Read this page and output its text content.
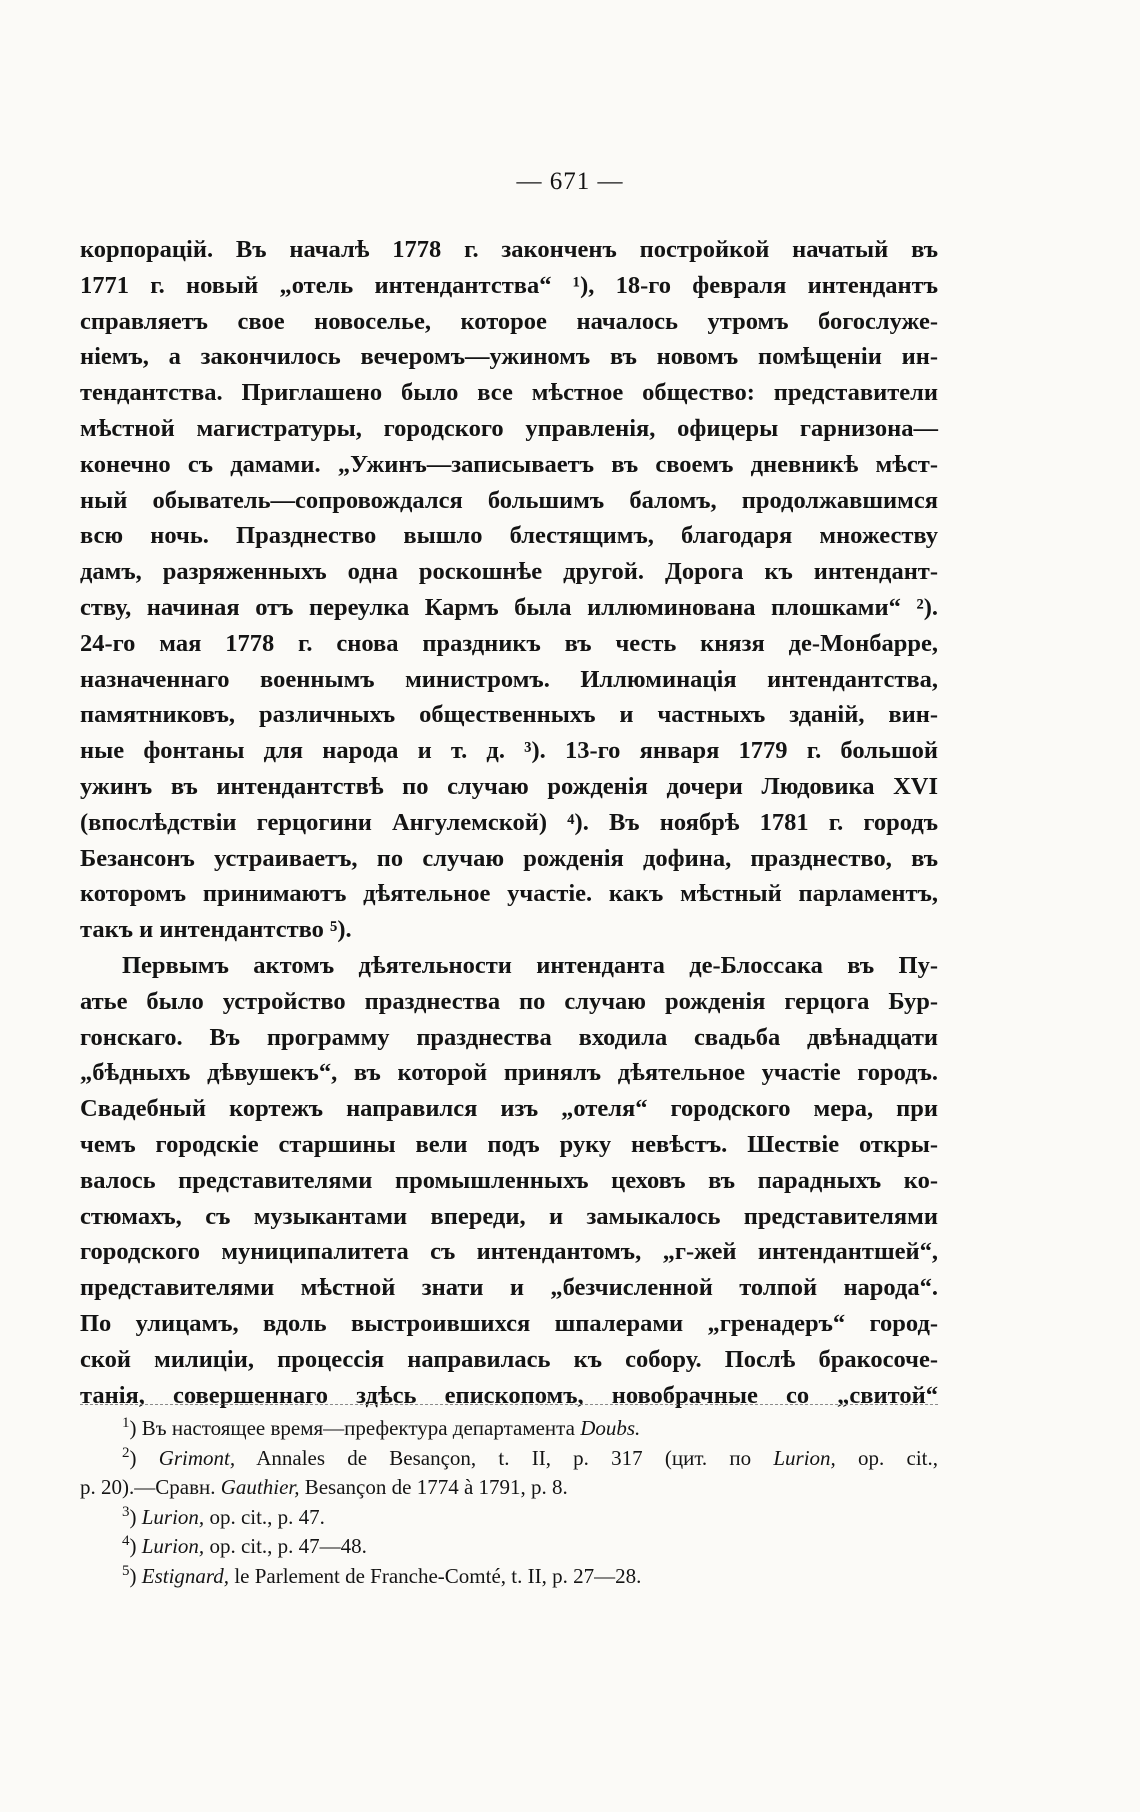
— 671 —
корпорацій. Въ началѣ 1778 г. законченъ постройкой начатый въ
1771 г. новый „отель интендантства“ ¹), 18-го февраля интендантъ
справляетъ свое новоселье, которое началось утромъ богослуже-
ніемъ, а закончилось вечеромъ—ужиномъ въ новомъ помѣщеніи ин-
тендантства. Приглашено было все мѣстное общество: представители
мѣстной магистратуры, городского управленія, офицеры гарнизона—
конечно съ дамами. „Ужинъ—записываетъ въ своемъ дневникѣ мѣст-
ный обыватель—сопровождался большимъ баломъ, продолжавшимся
всю ночь. Празднество вышло блестящимъ, благодаря множеству
дамъ, разряженныхъ одна роскошнѣе другой. Дорога къ интендант-
ству, начиная отъ переулка Кармъ была иллюминована плошками“ ²).
24-го мая 1778 г. снова праздникъ въ честь князя де-Монбарре,
назначеннаго военнымъ министромъ. Иллюминація интендантства,
памятниковъ, различныхъ общественныхъ и частныхъ зданій, вин-
ные фонтаны для народа и т. д. ³). 13-го января 1779 г. большой
ужинъ въ интендантствѣ по случаю рожденія дочери Людовика XVI
(впослѣдствіи герцогини Ангулемской) ⁴). Въ ноябрѣ 1781 г. городъ
Безансонъ устраиваетъ, по случаю рожденія дофина, празднество, въ
которомъ принимаютъ дѣятельное участіе. какъ мѣстный парламентъ,
такъ и интендантство ⁵).
Первымъ актомъ дѣятельности интенданта де-Блоссака въ Пу-
атье было устройство празднества по случаю рожденія герцога Бур-
гонскаго. Въ программу празднества входила свадьба двѣнадцати
„бѣдныхъ дѣвушекъ“, въ которой принялъ дѣятельное участіе городъ.
Свадебный кортежъ направился изъ „отеля“ городского мера, при
чемъ городскіе старшины вели подъ руку невѣстъ. Шествіе откры-
валось представителями промышленныхъ цеховъ въ парадныхъ ко-
стюмахъ, съ музыкантами впереди, и замыкалось представителями
городского муниципалитета съ интендантомъ, „г-жей интендантшей“,
представителями мѣстной знати и „безчисленной толпой народа“.
По улицамъ, вдоль выстроившихся шпалерами „гренадеръ“ город-
ской милиціи, процессія направилась къ собору. Послѣ бракосоче-
танія, совершеннаго здѣсь епископомъ, новобрачные со „свитой“
$^1$) Въ настоящее время—префектура департамента Doubs.
$^2$) Grimont, Annales de Besançon, t. II, p. 317 (цит. по Lurion, op. cit.,
p. 20).—Сравн. Gauthier, Besançon de 1774 à 1791, p. 8.
$^3$) Lurion, op. cit., p. 47.
$^4$) Lurion, op. cit., p. 47—48.
$^5$) Estignard, le Parlement de Franche-Comté, t. II, p. 27—28.
